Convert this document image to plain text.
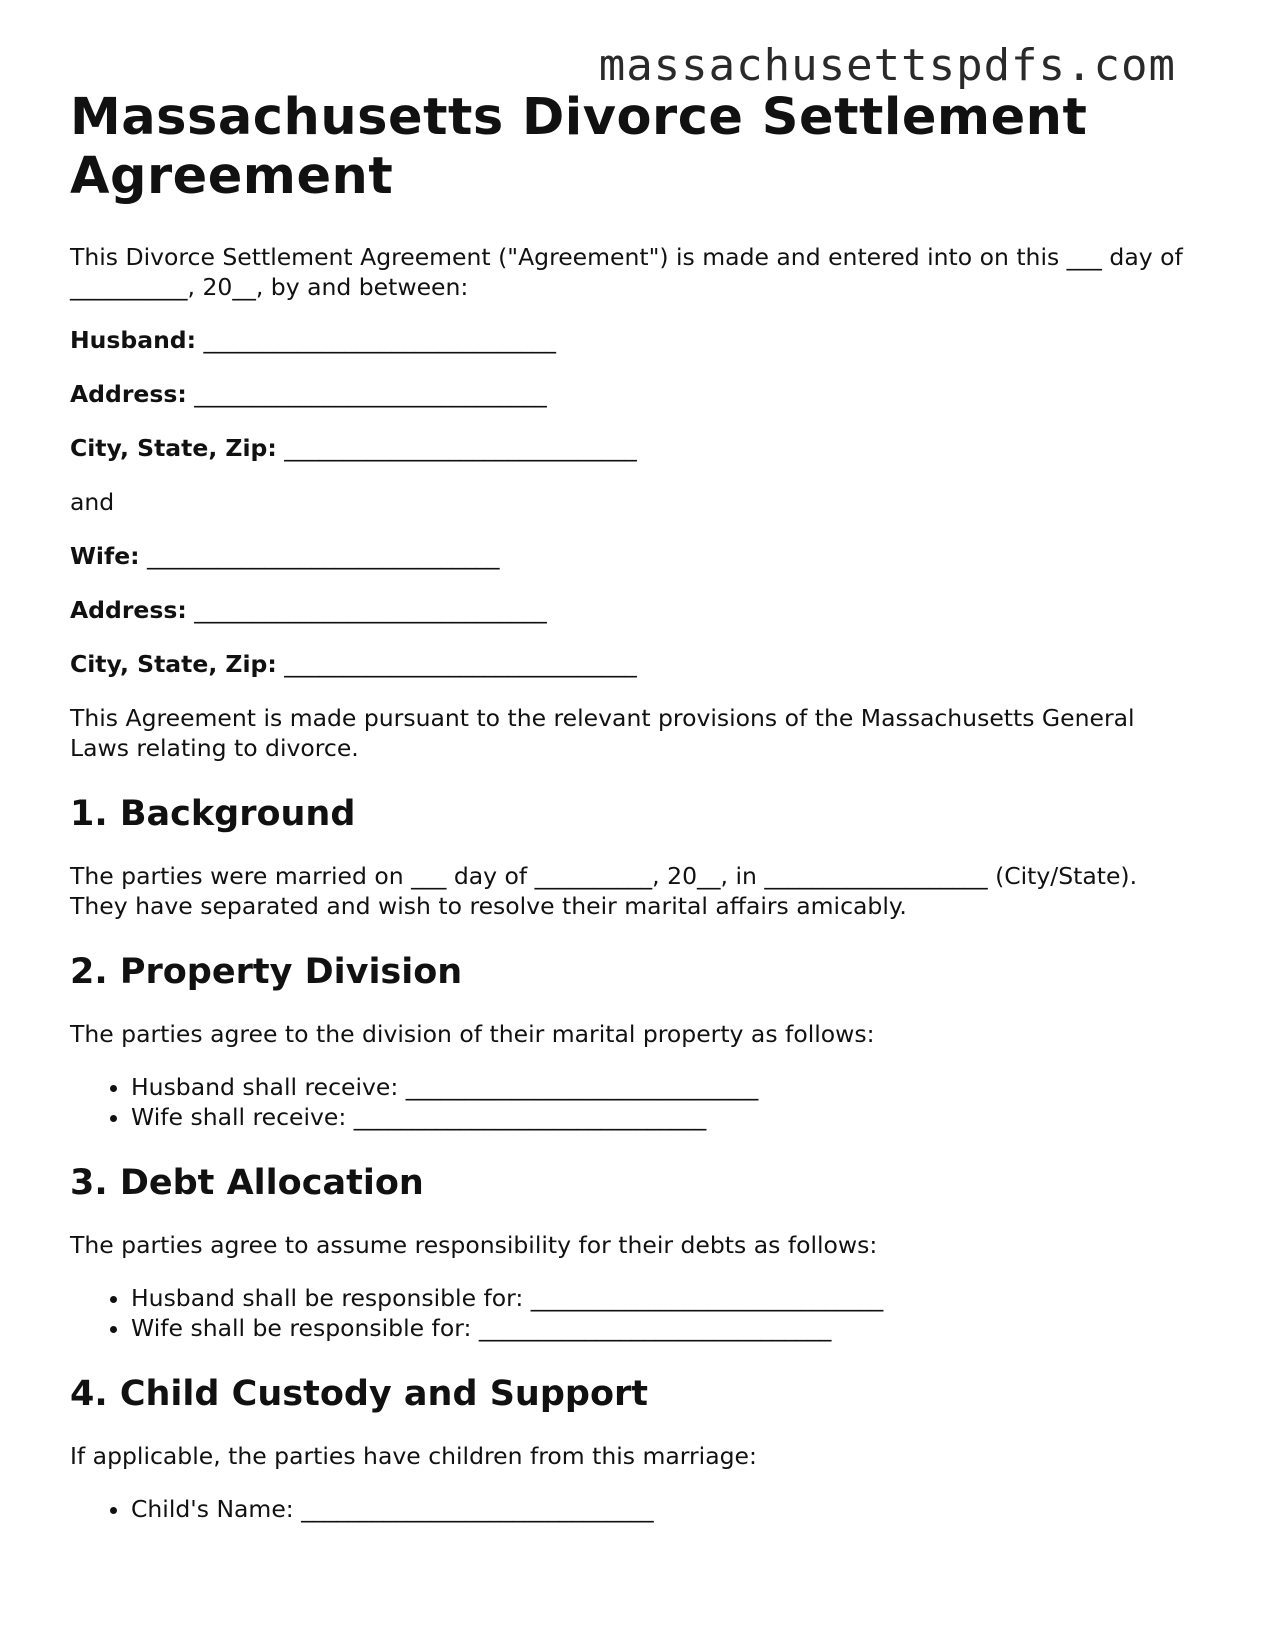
massachusettspdfs.com
Massachusetts Divorce Settlement Agreement

This Divorce Settlement Agreement ("Agreement") is made and entered into on this ___ day of __________, 20__, by and between:

Husband: ______________________________
Address: ______________________________
City, State, Zip: ______________________________

and

Wife: ______________________________
Address: ______________________________
City, State, Zip: ______________________________

This Agreement is made pursuant to the relevant provisions of the Massachusetts General Laws relating to divorce.

1. Background

The parties were married on ___ day of __________, 20__, in ___________________ (City/State). They have separated and wish to resolve their marital affairs amicably.

2. Property Division

The parties agree to the division of their marital property as follows:

• Husband shall receive: ______________________________
• Wife shall receive: ______________________________
3. Debt Allocation

The parties agree to assume responsibility for their debts as follows:

• Husband shall be responsible for: ______________________________
• Wife shall be responsible for: ______________________________
4. Child Custody and Support

If applicable, the parties have children from this marriage:

• Child's Name: ______________________________
